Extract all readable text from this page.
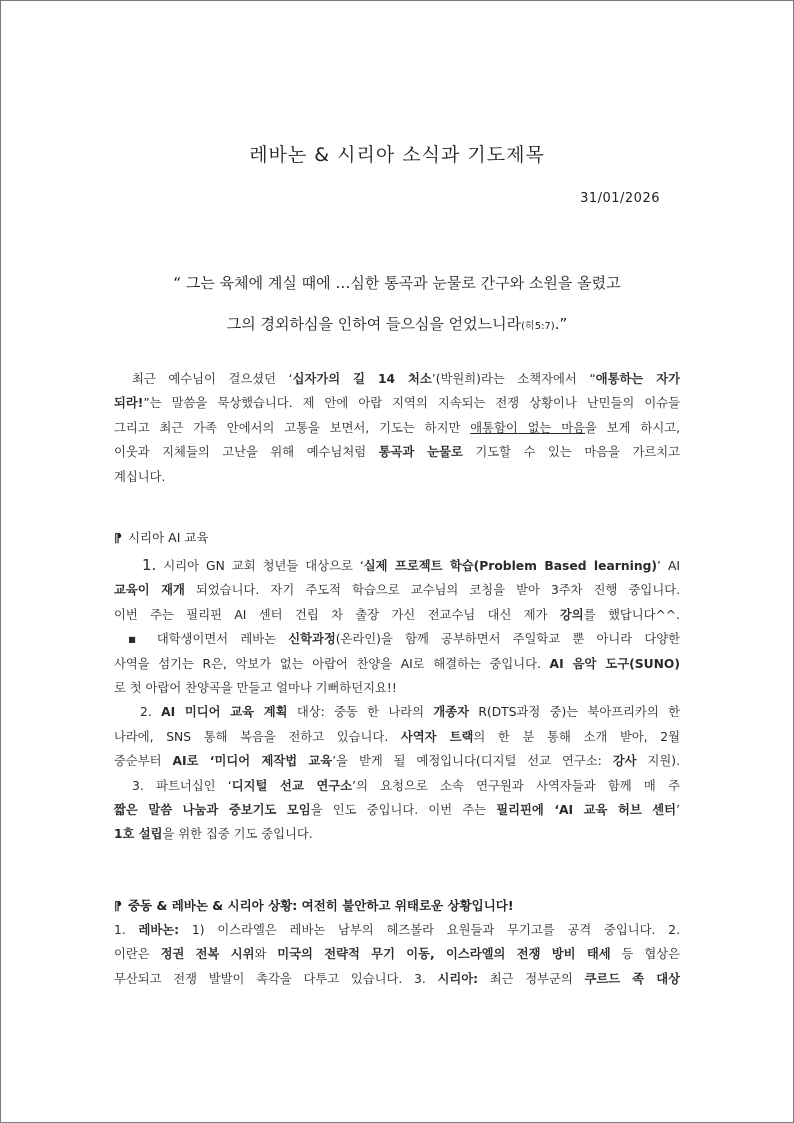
레바논 & 시리아 소식과 기도제목
31/01/2026
“ 그는 육체에 계실 때에 …심한 통곡과 눈물로 간구와 소원을 올렸고
그의 경외하심을 인하여 들으심을 얻었느니라(히5:7).”
최근 예수님이 걸으셨던 ‘십자가의 길 14 처소’(박원희)라는 소책자에서 “애통하는 자가
되라!”는 말씀을 묵상했습니다. 제 안에 아랍 지역의 지속되는 전쟁 상황이나 난민들의 이슈들
그리고 최근 가족 안에서의 고통을 보면서, 기도는 하지만 애통함이 없는 마음을 보게 하시고,
이웃과 지체들의 고난을 위해 예수님처럼 통곡과 눈물로 기도할 수 있는 마음을 가르치고
계십니다.
⁋ 시리아 AI 교육
1. 시리아 GN 교회 청년들 대상으로 ‘실제 프로젝트 학습(Problem Based learning)’ AI
교육이 재개 되었습니다. 자기 주도적 학습으로 교수님의 코칭을 받아 3주차 진행 중입니다.
이번 주는 필리핀 AI 센터 건립 차 출장 가신 전교수님 대신 제가 강의를 했답니다^^.
▪ 대학생이면서 레바논 신학과정(온라인)을 함께 공부하면서 주일학교 뿐 아니라 다양한
사역을 섬기는 R은, 악보가 없는 아랍어 찬양을 AI로 해결하는 중입니다. AI 음악 도구(SUNO)
로 첫 아랍어 찬양곡을 만들고 얼마나 기뻐하던지요!!
2. AI 미디어 교육 계획 대상: 중동 한 나라의 개종자 R(DTS과정 중)는 북아프리카의 한
나라에, SNS 통해 복음을 전하고 있습니다. 사역자 트랙의 한 분 통해 소개 받아, 2월
중순부터 AI로 ‘미디어 제작법 교육’을 받게 될 예정입니다(디지털 선교 연구소: 강사 지원).
3. 파트너십인 ‘디지털 선교 연구소’의 요청으로 소속 연구원과 사역자들과 함께 매 주
짧은 말씀 나눔과 중보기도 모임을 인도 중입니다. 이번 주는 필리핀에 ‘AI 교육 허브 센터’
1호 설립을 위한 집중 기도 중입니다.
⁋ 중동 & 레바논 & 시리아 상황: 여전히 불안하고 위태로운 상황입니다!
1. 레바논: 1) 이스라엘은 레바논 남부의 헤즈볼라 요원들과 무기고를 공격 중입니다. 2.
이란은 정권 전복 시위와 미국의 전략적 무기 이동, 이스라엘의 전쟁 방비 태세 등 협상은
무산되고 전쟁 발발이 촉각을 다투고 있습니다. 3. 시리아: 최근 정부군의 쿠르드 족 대상
